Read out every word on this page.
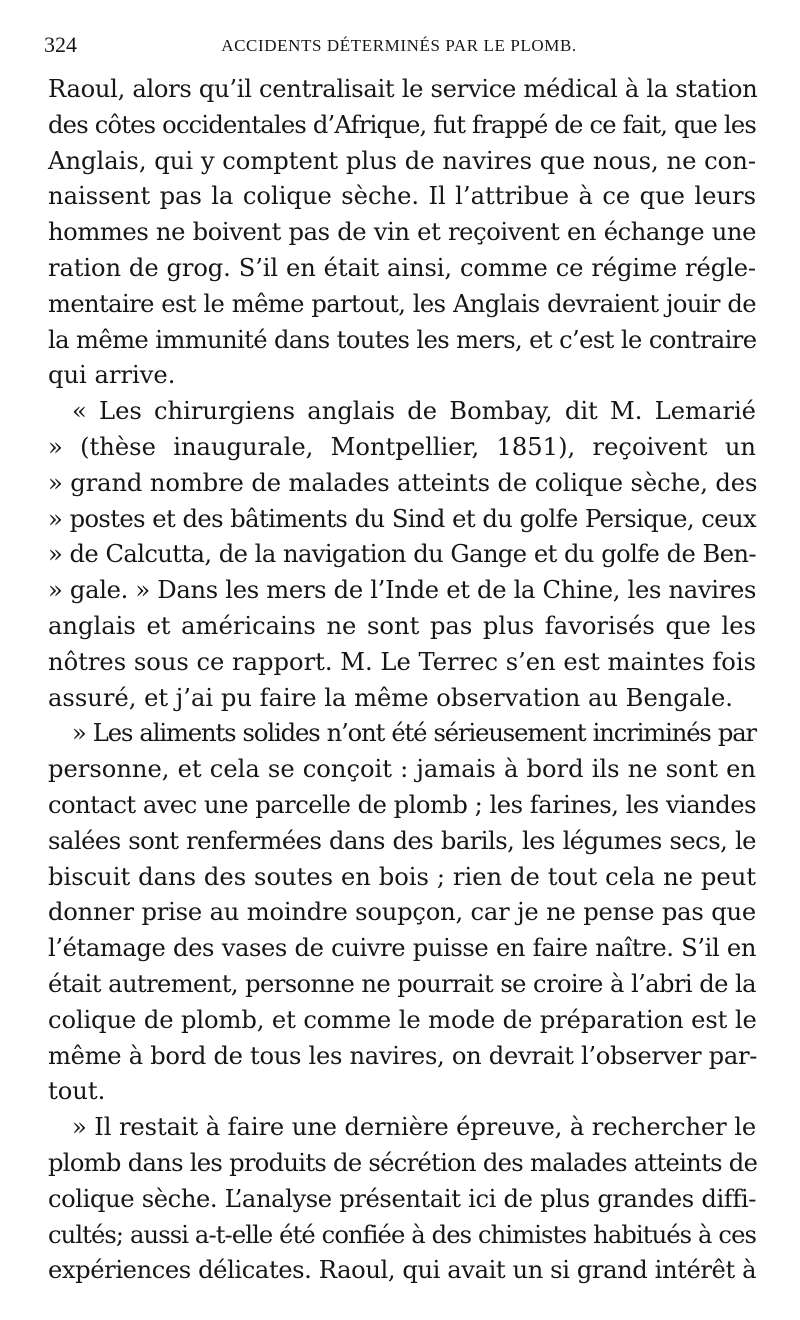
324	ACCIDENTS DÉTERMINÉS PAR LE PLOMB.
Raoul, alors qu’il centralisait le service médical à la station
des côtes occidentales d’Afrique, fut frappé de ce fait, que les
Anglais, qui y comptent plus de navires que nous, ne con-
naissent pas la colique sèche. Il l’attribue à ce que leurs
hommes ne boivent pas de vin et reçoivent en échange une
ration de grog. S’il en était ainsi, comme ce régime régle-
mentaire est le même partout, les Anglais devraient jouir de
la même immunité dans toutes les mers, et c’est le contraire
qui arrive.
« Les chirurgiens anglais de Bombay, dit M. Lemarié
» (thèse inaugurale, Montpellier, 1851), reçoivent un
» grand nombre de malades atteints de colique sèche, des
» postes et des bâtiments du Sind et du golfe Persique, ceux
» de Calcutta, de la navigation du Gange et du golfe de Ben-
» gale. » Dans les mers de l’Inde et de la Chine, les navires
anglais et américains ne sont pas plus favorisés que les
nôtres sous ce rapport. M. Le Terrec s’en est maintes fois
assuré, et j’ai pu faire la même observation au Bengale.
» Les aliments solides n’ont été sérieusement incriminés par
personne, et cela se conçoit : jamais à bord ils ne sont en
contact avec une parcelle de plomb ; les farines, les viandes
salées sont renfermées dans des barils, les légumes secs, le
biscuit dans des soutes en bois ; rien de tout cela ne peut
donner prise au moindre soupçon, car je ne pense pas que
l’étamage des vases de cuivre puisse en faire naître. S’il en
était autrement, personne ne pourrait se croire à l’abri de la
colique de plomb, et comme le mode de préparation est le
même à bord de tous les navires, on devrait l’observer par-
tout.
» Il restait à faire une dernière épreuve, à rechercher le
plomb dans les produits de sécrétion des malades atteints de
colique sèche. L’analyse présentait ici de plus grandes diffi-
cultés; aussi a-t-elle été confiée à des chimistes habitués à ces
expériences délicates. Raoul, qui avait un si grand intérêt à
